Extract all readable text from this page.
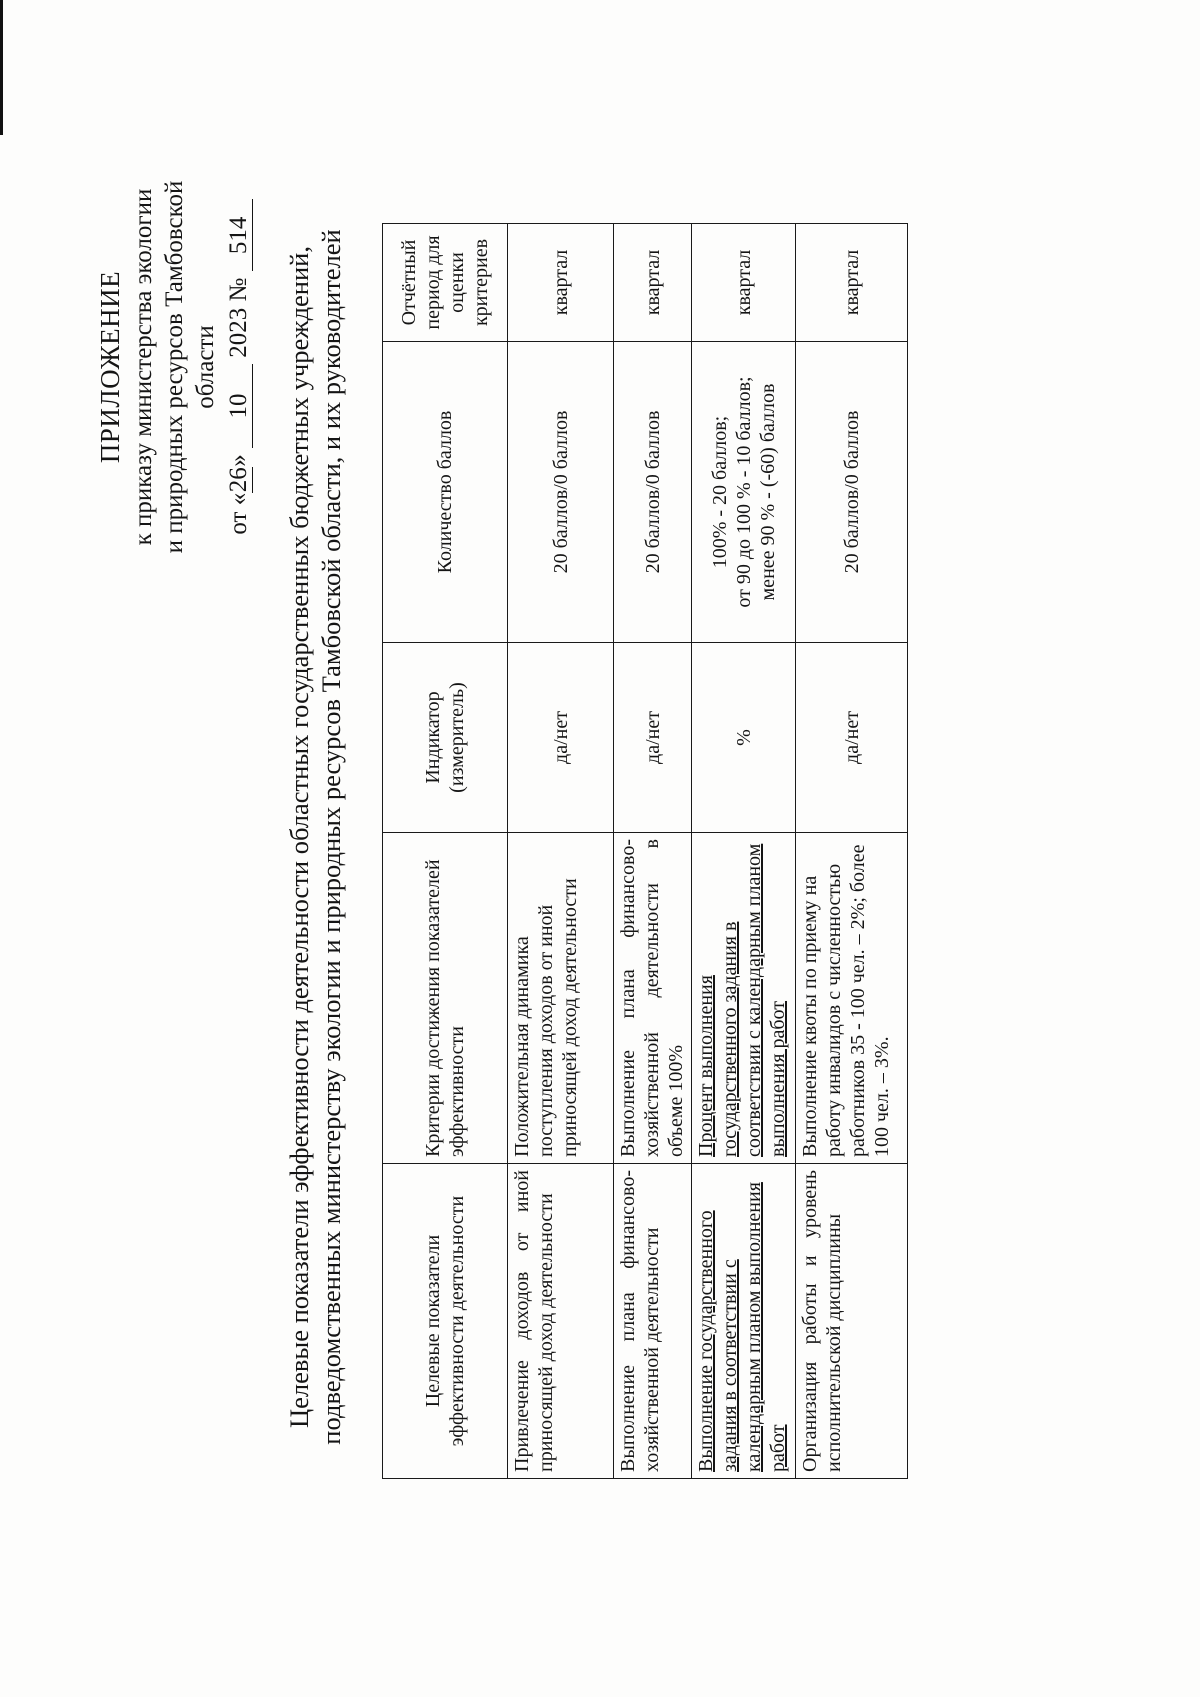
ПРИЛОЖЕНИЕ к приказу министерства экологии и природных ресурсов Тамбовской области
от «26» 10 2023 № 514
Целевые показатели эффективности деятельности областных государственных бюджетных учреждений, подведомственных министерству экологии и природных ресурсов Тамбовской области, и их руководителей	Целевые показатели эффективности деятельности	Критерии достижения показателей эффективности	Индикатор (измеритель)	Количество баллов	Отчётный период для оценки критериев
Привлечение доходов от иной приносящей доход деятельности	Положительная динамика поступления доходов от иной приносящей доход деятельности	да/нет	20 баллов/0 баллов	квартал
Выполнение плана финансово-хозяйственной деятельности	Выполнение плана финансово-хозяйственной деятельности в объеме 100%	да/нет	20 баллов/0 баллов	квартал
Выполнение государственного задания в соответствии с календарным планом выполнения работ	Процент выполнения государственного задания в соответствии с календарным планом выполнения работ	%	100% - 20 баллов; от 90 до 100 % - 10 баллов; менее 90 % - (-60) баллов	квартал
Организация работы и уровень исполнительской дисциплины	Выполнение квоты по приему на работу инвалидов с численностью работников 35 - 100 чел. – 2%; более 100 чел. – 3%.	да/нет	20 баллов/0 баллов	квартал
